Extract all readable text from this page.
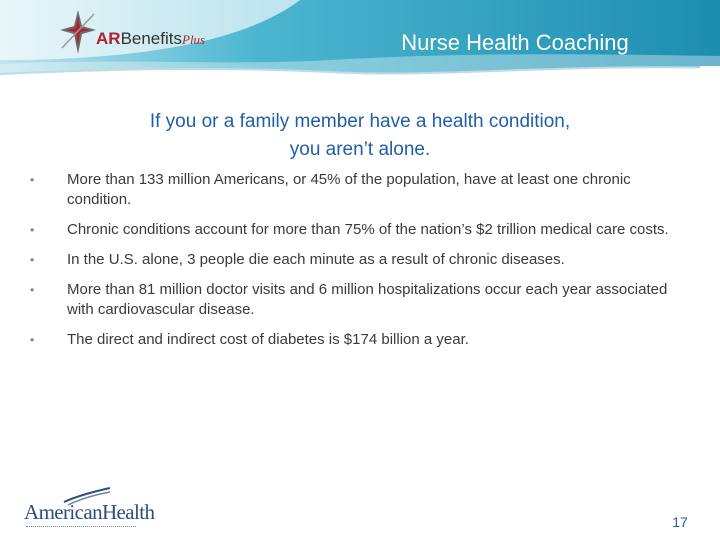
ARBenefitsPlus	Nurse Health Coaching
If you or a family member have a health condition,
you aren’t alone.
•	More than 133 million Americans, or 45% of the population, have at least one chronic condition.
•	Chronic conditions account for more than 75% of the nation’s $2 trillion medical care costs.
•	In the U.S. alone, 3 people die each minute as a result of chronic diseases.
•	More than 81 million doctor visits and 6 million hospitalizations occur each year associated with cardiovascular disease.
•	The direct and indirect cost of diabetes is $174 billion a year.
AmericanHealth	17
